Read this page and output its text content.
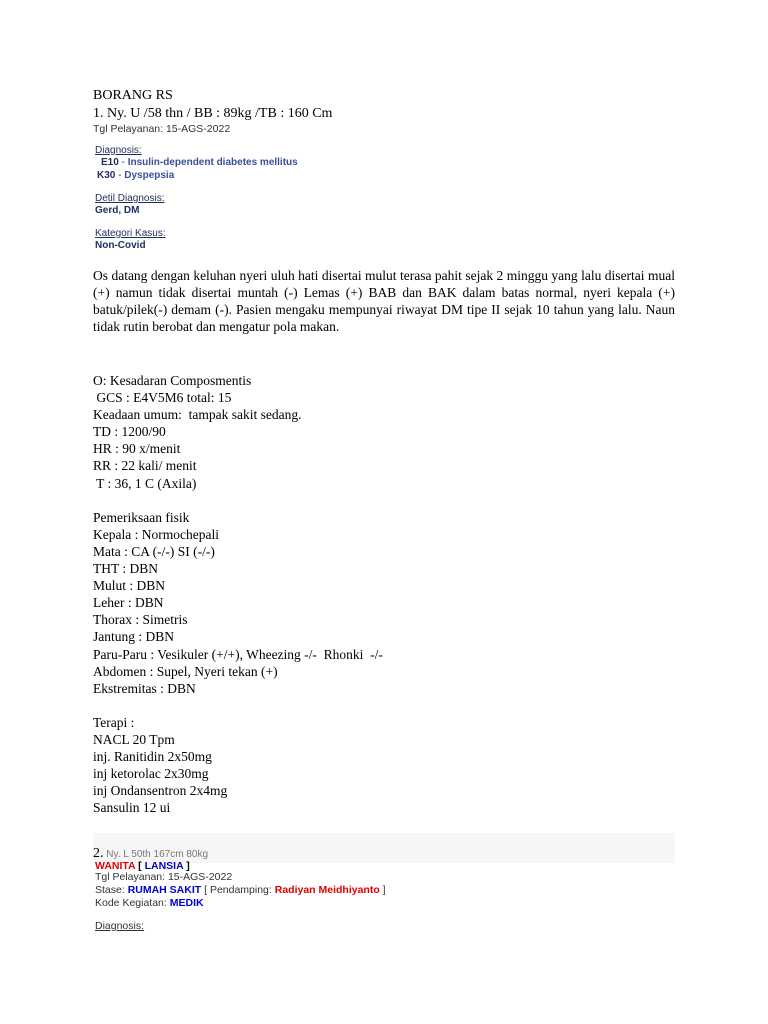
BORANG RS
1. Ny. U /58 thn / BB : 89kg /TB : 160 Cm
Tgl Pelayanan: 15-AGS-2022
Diagnosis:
E10 - Insulin-dependent diabetes mellitus
K30 - Dyspepsia
Detil Diagnosis:
Gerd, DM
Kategori Kasus:
Non-Covid
Os datang dengan keluhan nyeri uluh hati disertai mulut terasa pahit sejak 2 minggu yang lalu disertai mual (+) namun tidak disertai muntah (-) Lemas (+) BAB dan BAK dalam batas normal, nyeri kepala (+) batuk/pilek(-) demam (-). Pasien mengaku mempunyai riwayat DM tipe II sejak 10 tahun yang lalu. Naun tidak rutin berobat dan mengatur pola makan.
O: Kesadaran Composmentis
GCS : E4V5M6 total: 15
Keadaan umum:  tampak sakit sedang.
TD : 1200/90
HR : 90 x/menit
RR : 22 kali/ menit
T : 36, 1 C (Axila)
Pemeriksaan fisik
Kepala : Normochepali
Mata : CA (-/-) SI (-/-)
THT : DBN
Mulut : DBN
Leher : DBN
Thorax : Simetris
Jantung : DBN
Paru-Paru : Vesikuler (+/+), Wheezing -/-  Rhonki  -/-
Abdomen : Supel, Nyeri tekan (+)
Ekstremitas : DBN
Terapi :
NACL 20 Tpm
inj. Ranitidin 2x50mg
inj ketorolac 2x30mg
inj Ondansentron 2x4mg
Sansulin 12 ui
2. Ny. L 50th 167cm 80kg
WANITA [ LANSIA ]
Tgl Pelayanan: 15-AGS-2022
Stase: RUMAH SAKIT [ Pendamping: Radiyan Meidhiyanto ]
Kode Kegiatan: MEDIK
Diagnosis:
